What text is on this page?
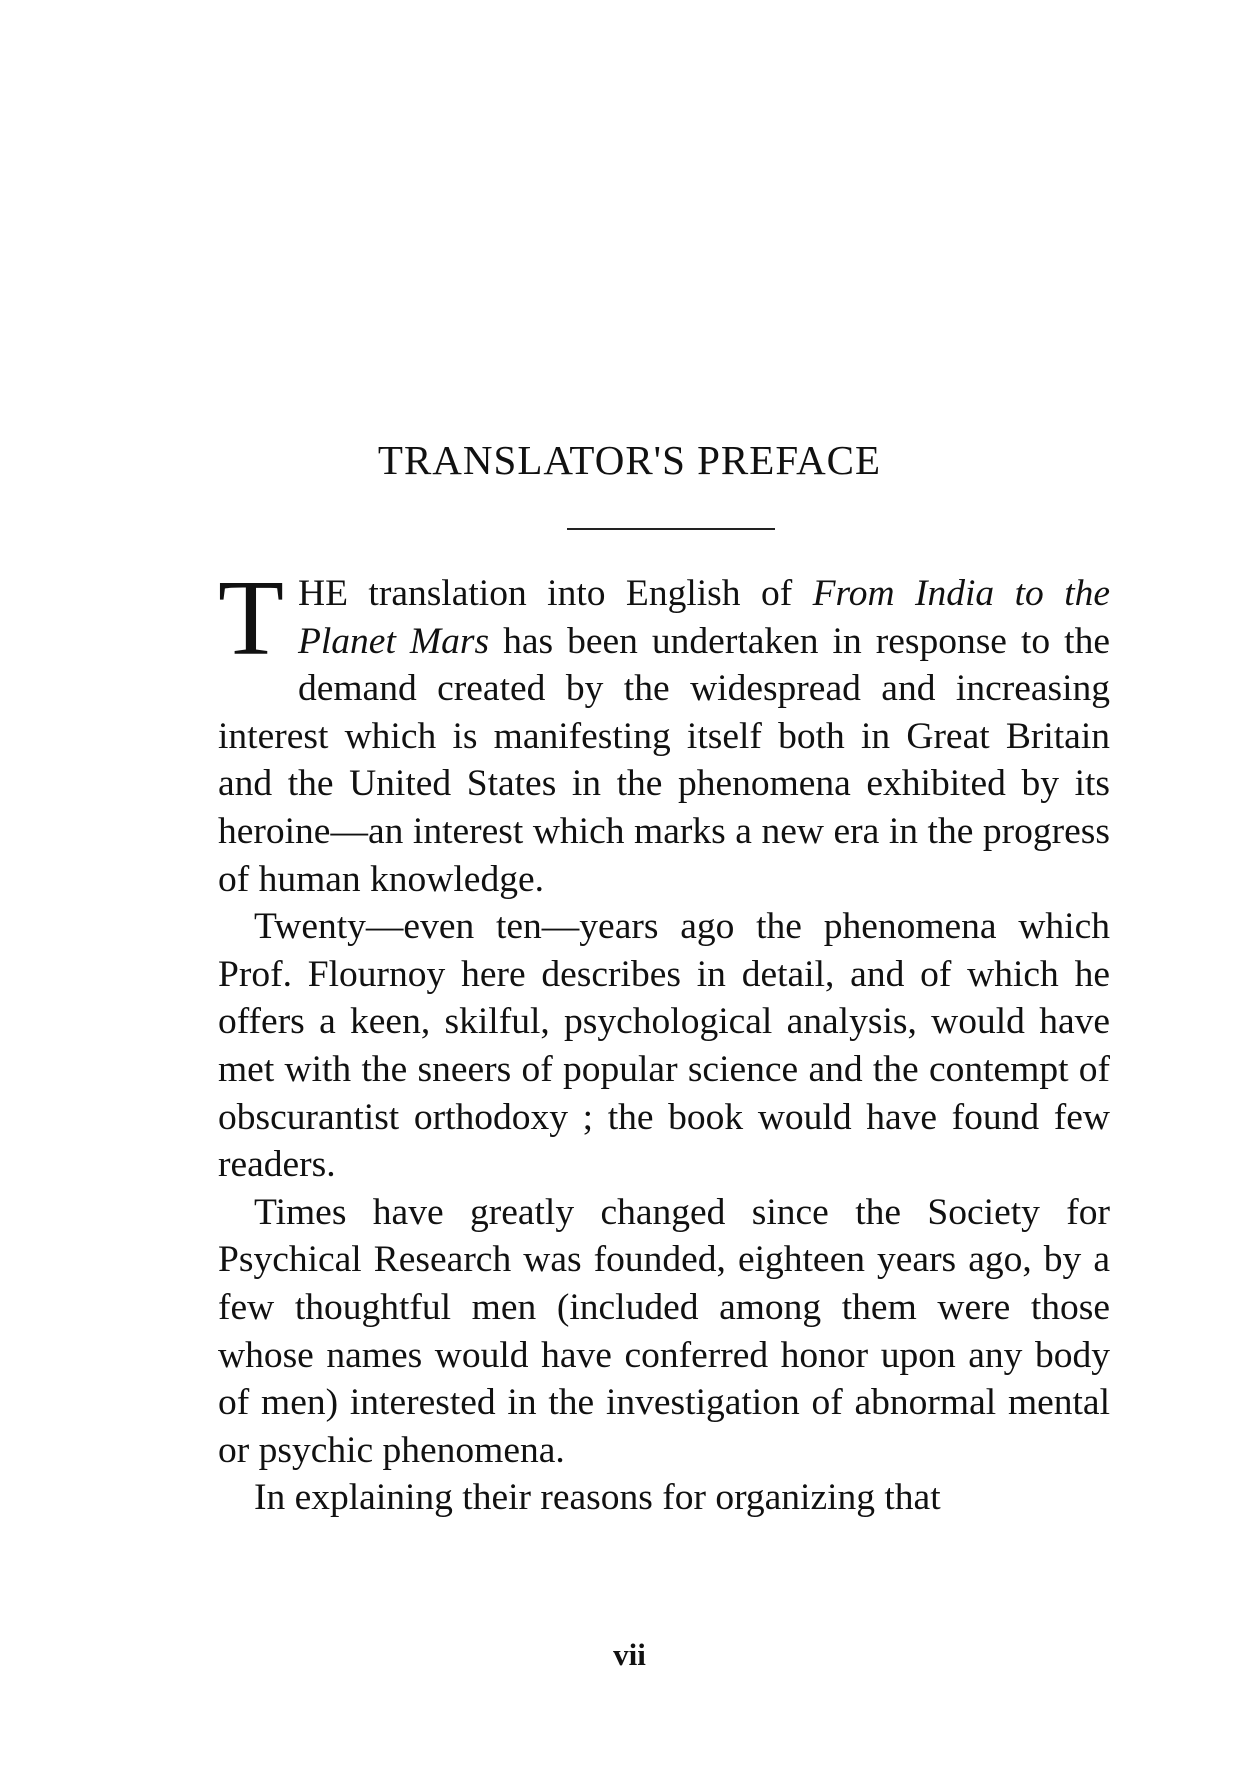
TRANSLATOR'S PREFACE

THE translation into English of From India to the Planet Mars has been undertaken in response to the demand created by the widespread and increasing interest which is manifesting itself both in Great Britain and the United States in the phenomena exhibited by its heroine—an interest which marks a new era in the progress of human knowledge.

Twenty—even ten—years ago the phenomena which Prof. Flournoy here describes in detail, and of which he offers a keen, skilful, psychological analysis, would have met with the sneers of popular science and the contempt of obscurantist orthodoxy ; the book would have found few readers.

Times have greatly changed since the Society for Psychical Research was founded, eighteen years ago, by a few thoughtful men (included among them were those whose names would have conferred honor upon any body of men) interested in the investigation of abnormal mental or psychic phenomena.

In explaining their reasons for organizing that

vii
